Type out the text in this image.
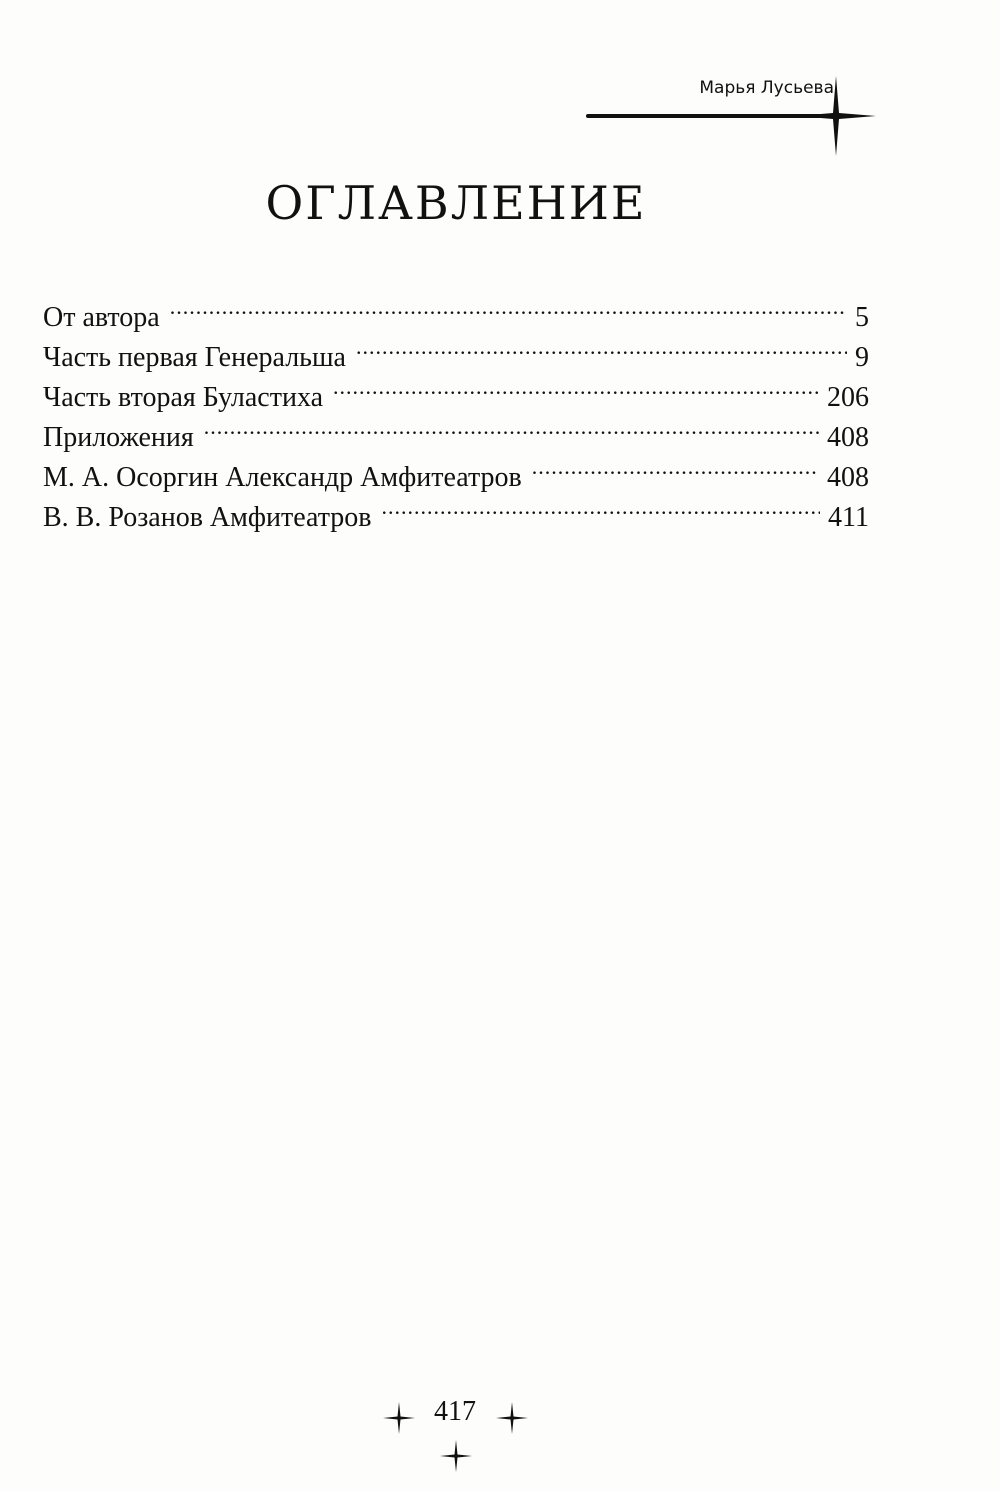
Марья Лусьева
ОГЛАВЛЕНИЕ
От автора .....	5
Часть первая Генеральша .....	9
Часть вторая Буластиха .....	206
Приложения .....	408
М. А. Осоргин Александр Амфитеатров .....	408
В. В. Розанов Амфитеатров .....	411
417
